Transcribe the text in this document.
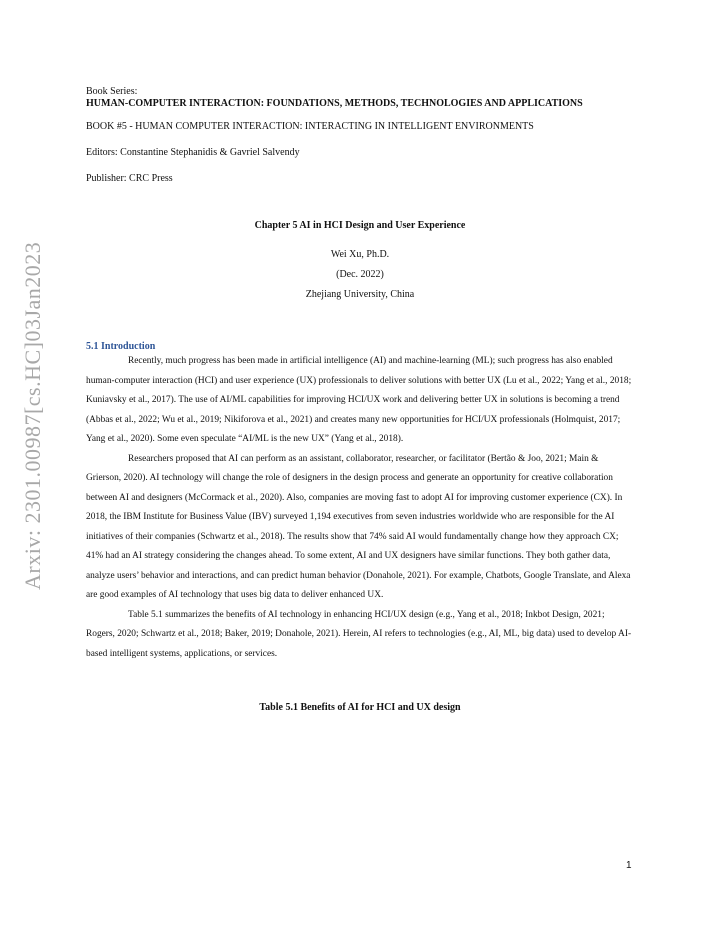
Arxiv: 2301.00987[cs.HC]03Jan2023
Book Series:
HUMAN-COMPUTER INTERACTION: FOUNDATIONS, METHODS, TECHNOLOGIES AND APPLICATIONS
BOOK #5 - HUMAN COMPUTER INTERACTION: INTERACTING IN INTELLIGENT ENVIRONMENTS
Editors: Constantine Stephanidis & Gavriel Salvendy
Publisher: CRC Press
Chapter 5 AI in HCI Design and User Experience
Wei Xu, Ph.D.
(Dec. 2022)
Zhejiang University, China
5.1 Introduction

Recently, much progress has been made in artificial intelligence (AI) and machine-learning (ML); such progress has also enabled human-computer interaction (HCI) and user experience (UX) professionals to deliver solutions with better UX (Lu et al., 2022; Yang et al., 2018; Kuniavsky et al., 2017). The use of AI/ML capabilities for improving HCI/UX work and delivering better UX in solutions is becoming a trend (Abbas et al., 2022; Wu et al., 2019; Nikiforova et al., 2021) and creates many new opportunities for HCI/UX professionals (Holmquist, 2017; Yang et al., 2020). Some even speculate “AI/ML is the new UX” (Yang et al., 2018).

Researchers proposed that AI can perform as an assistant, collaborator, researcher, or facilitator (Bertão & Joo, 2021; Main & Grierson, 2020). AI technology will change the role of designers in the design process and generate an opportunity for creative collaboration between AI and designers (McCormack et al., 2020). Also, companies are moving fast to adopt AI for improving customer experience (CX). In 2018, the IBM Institute for Business Value (IBV) surveyed 1,194 executives from seven industries worldwide who are responsible for the AI initiatives of their companies (Schwartz et al., 2018). The results show that 74% said AI would fundamentally change how they approach CX; 41% had an AI strategy considering the changes ahead. To some extent, AI and UX designers have similar functions. They both gather data, analyze users’ behavior and interactions, and can predict human behavior (Donahole, 2021). For example, Chatbots, Google Translate, and Alexa are good examples of AI technology that uses big data to deliver enhanced UX.

Table 5.1 summarizes the benefits of AI technology in enhancing HCI/UX design (e.g., Yang et al., 2018; Inkbot Design, 2021; Rogers, 2020; Schwartz et al., 2018; Baker, 2019; Donahole, 2021). Herein, AI refers to technologies (e.g., AI, ML, big data) used to develop AI-based intelligent systems, applications, or services.

Table 5.1 Benefits of AI for HCI and UX design
1
